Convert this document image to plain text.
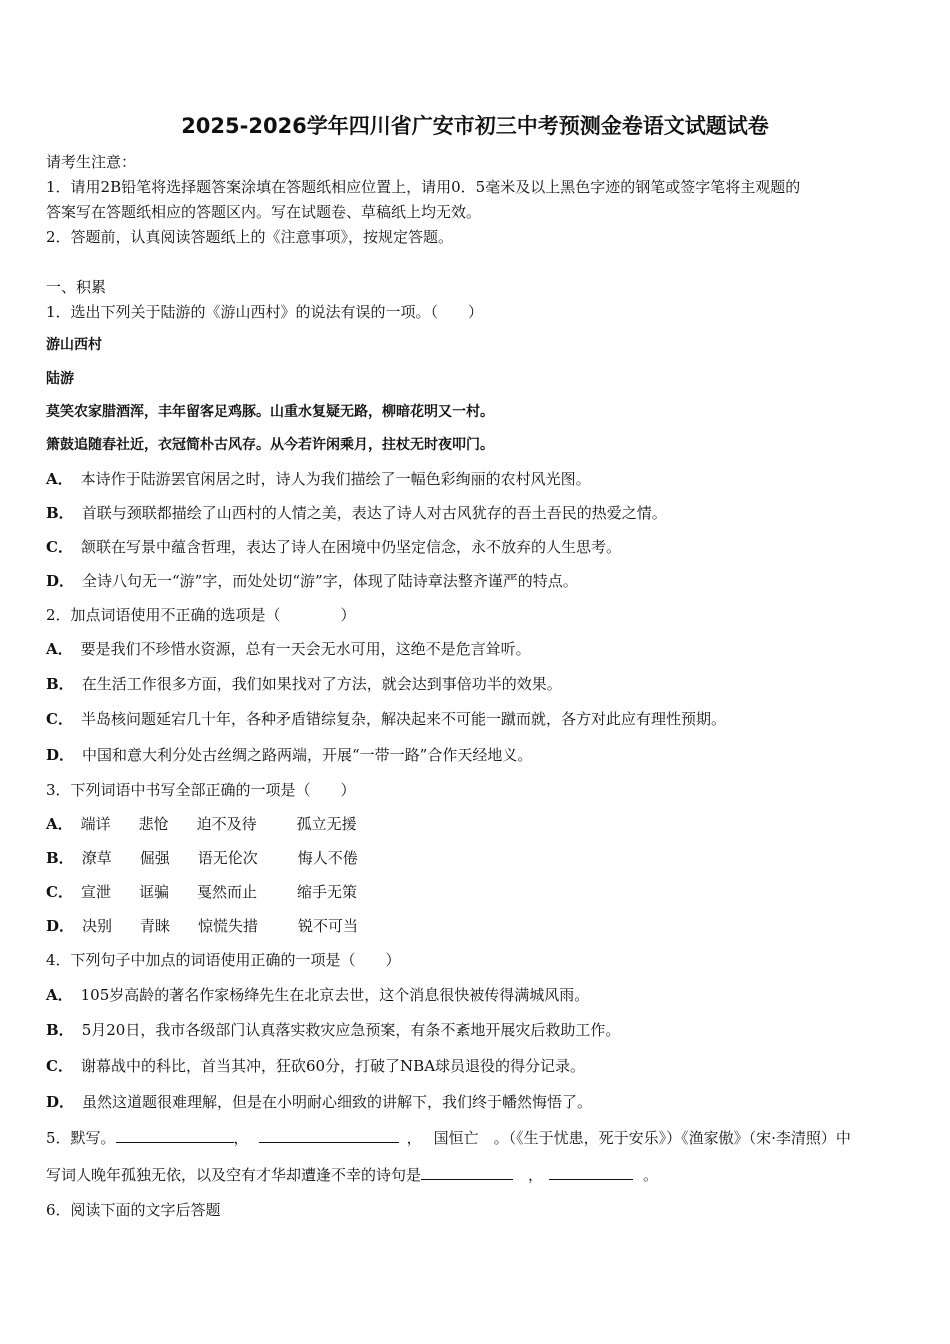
2025-2026学年四川省广安市初三中考预测金卷语文试题试卷
请考生注意：
1．请用2B铅笔将选择题答案涂填在答题纸相应位置上，请用0．5毫米及以上黑色字迹的钢笔或签字笔将主观题的
答案写在答题纸相应的答题区内。写在试题卷、草稿纸上均无效。
2．答题前，认真阅读答题纸上的《注意事项》，按规定答题。
一、积累
1．选出下列关于陆游的《游山西村》的说法有误的一项。（　　）
游山西村
陆游
莫笑农家腊酒浑，丰年留客足鸡豚。山重水复疑无路，柳暗花明又一村。
箫鼓追随春社近，衣冠简朴古风存。从今若许闲乘月，拄杖无时夜叩门。
A． 本诗作于陆游罢官闲居之时，诗人为我们描绘了一幅色彩绚丽的农村风光图。
B． 首联与颈联都描绘了山西村的人情之美，表达了诗人对古风犹存的吾土吾民的热爱之情。
C． 颔联在写景中蕴含哲理，表达了诗人在困境中仍坚定信念，永不放弃的人生思考。
D． 全诗八句无一“游”字，而处处切“游”字，体现了陆诗章法整齐谨严的特点。
2．加点词语使用不正确的选项是（　　　　）
A． 要是我们不珍惜水资源，总有一天会无水可用，这绝不是危言耸听。
B． 在生活工作很多方面，我们如果找对了方法，就会达到事倍功半的效果。
C． 半岛核问题延宕几十年，各种矛盾错综复杂，解决起来不可能一蹴而就，各方对此应有理性预期。
D． 中国和意大利分处古丝绸之路两端，开展“一带一路”合作天经地义。
3．下列词语中书写全部正确的一项是（　　）
A． 端详 悲怆 迫不及待	孤立无援
B． 潦草 倔强 语无伦次	悔人不倦
C． 宣泄 诓骗 戛然而止	缩手无策
D． 决别 青睐 惊慌失措	锐不可当
4．下列句子中加点的词语使用正确的一项是（　　）
A． 105岁高龄的著名作家杨绛先生在北京去世，这个消息很快被传得满城风雨。
B． 5月20日，我市各级部门认真落实救灾应急预案，有条不紊地开展灾后救助工作。
C． 谢幕战中的科比，首当其冲，狂砍60分，打破了NBA球员退役的得分记录。
D． 虽然这道题很难理解，但是在小明耐心细致的讲解下，我们终于幡然悔悟了。
5．默写。	，	， 国恒亡　。（《生于忧患，死于安乐》）《渔家傲》（宋·李清照）中
写词人晚年孤独无依，以及空有才华却遭逢不幸的诗句是	　，	。
6．阅读下面的文字后答题
